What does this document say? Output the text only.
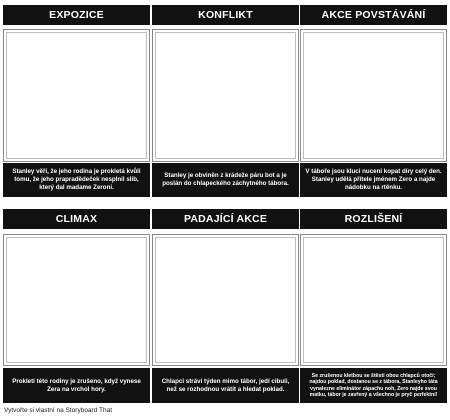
EXPOZICE
Stanley věří, že jeho rodina je prokletá kvůli tomu, že jeho prapradědeček nesplnil slib, který dal madame Zeroni.
KONFLIKT
Stanley je obviněn z krádeže páru bot a je poslán do chlapeckého záchytného tábora.
AKCE POVSTÁVÁNÍ
V táboře jsou kluci nuceni kopat díry celý den. Stanley udělá přítele jménem Zero a najde nádobku na rtěnku.
CLIMAX
Prokletí této rodiny je zrušeno, když vynese Zera na vrchol hory.
PADAJÍCÍ AKCE
Chlapci stráví týden mimo tábor, jedí cibuli, než se rozhodnou vrátit a hledat poklad.
ROZLIŠENÍ
Se zrušenou kletbou se štěstí obou chlapců otočí; najdou poklad, dostanou se z tábora, Stanleyho táta vynalezne eliminátor zápachu noh, Zero najde svou matku, tábor je zavřený a všechno je pryč perfektní!
Vytvořte si vlastní na Storyboard That
